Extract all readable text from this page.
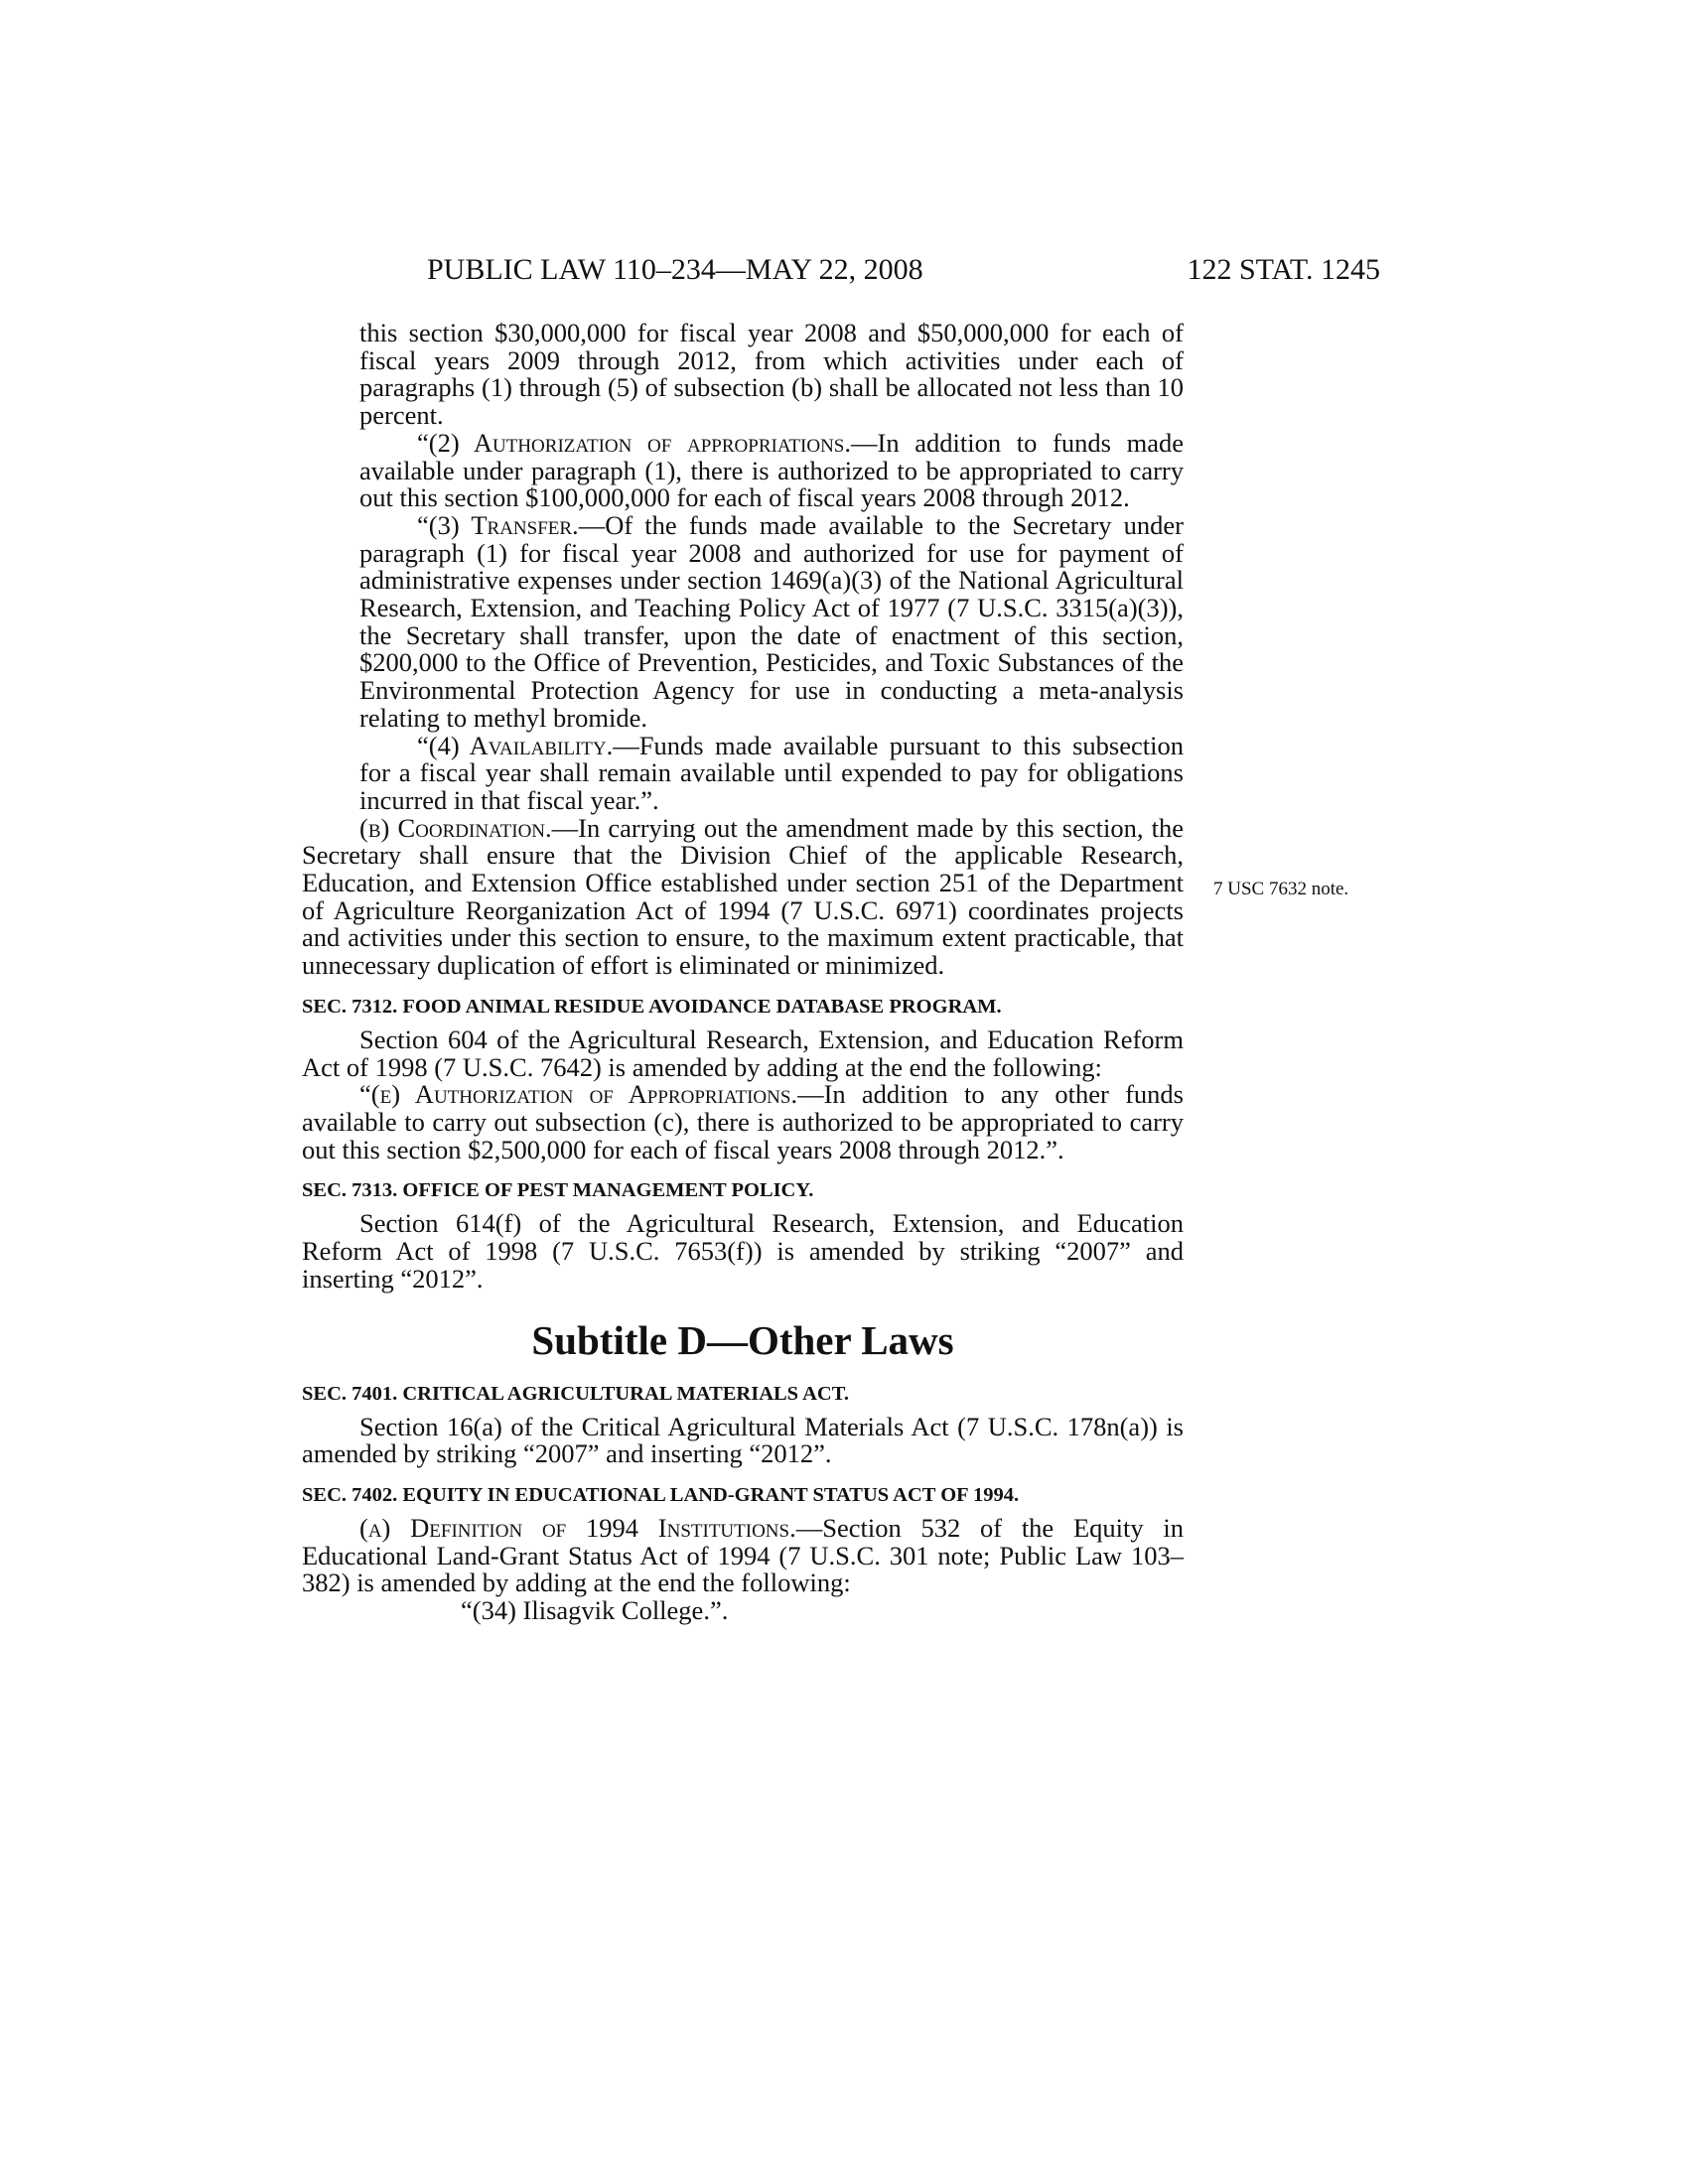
PUBLIC LAW 110–234—MAY 22, 2008	122 STAT. 1245
7 USC 7632 note.

this section $30,000,000 for fiscal year 2008 and $50,000,000 for each of fiscal years 2009 through 2012, from which activities under each of paragraphs (1) through (5) of subsection (b) shall be allocated not less than 10 percent.

“(2) Authorization of appropriations.—In addition to funds made available under paragraph (1), there is authorized to be appropriated to carry out this section $100,000,000 for each of fiscal years 2008 through 2012.

“(3) Transfer.—Of the funds made available to the Secretary under paragraph (1) for fiscal year 2008 and authorized for use for payment of administrative expenses under section 1469(a)(3) of the National Agricultural Research, Extension, and Teaching Policy Act of 1977 (7 U.S.C. 3315(a)(3)), the Secretary shall transfer, upon the date of enactment of this section, $200,000 to the Office of Prevention, Pesticides, and Toxic Substances of the Environmental Protection Agency for use in conducting a meta-analysis relating to methyl bromide.

“(4) Availability.—Funds made available pursuant to this subsection for a fiscal year shall remain available until expended to pay for obligations incurred in that fiscal year.”.

(b) Coordination.—In carrying out the amendment made by this section, the Secretary shall ensure that the Division Chief of the applicable Research, Education, and Extension Office established under section 251 of the Department of Agriculture Reorganization Act of 1994 (7 U.S.C. 6971) coordinates projects and activities under this section to ensure, to the maximum extent practicable, that unnecessary duplication of effort is eliminated or minimized.

SEC. 7312. FOOD ANIMAL RESIDUE AVOIDANCE DATABASE PROGRAM.

Section 604 of the Agricultural Research, Extension, and Education Reform Act of 1998 (7 U.S.C. 7642) is amended by adding at the end the following:

“(e) Authorization of Appropriations.—In addition to any other funds available to carry out subsection (c), there is authorized to be appropriated to carry out this section $2,500,000 for each of fiscal years 2008 through 2012.”.

SEC. 7313. OFFICE OF PEST MANAGEMENT POLICY.

Section 614(f) of the Agricultural Research, Extension, and Education Reform Act of 1998 (7 U.S.C. 7653(f)) is amended by striking “2007” and inserting “2012”.

Subtitle D—Other Laws
SEC. 7401. CRITICAL AGRICULTURAL MATERIALS ACT.

Section 16(a) of the Critical Agricultural Materials Act (7 U.S.C. 178n(a)) is amended by striking “2007” and inserting “2012”.

SEC. 7402. EQUITY IN EDUCATIONAL LAND-GRANT STATUS ACT OF 1994.

(a) Definition of 1994 Institutions.—Section 532 of the Equity in Educational Land-Grant Status Act of 1994 (7 U.S.C. 301 note; Public Law 103–382) is amended by adding at the end the following:

“(34) Ilisagvik College.”.
